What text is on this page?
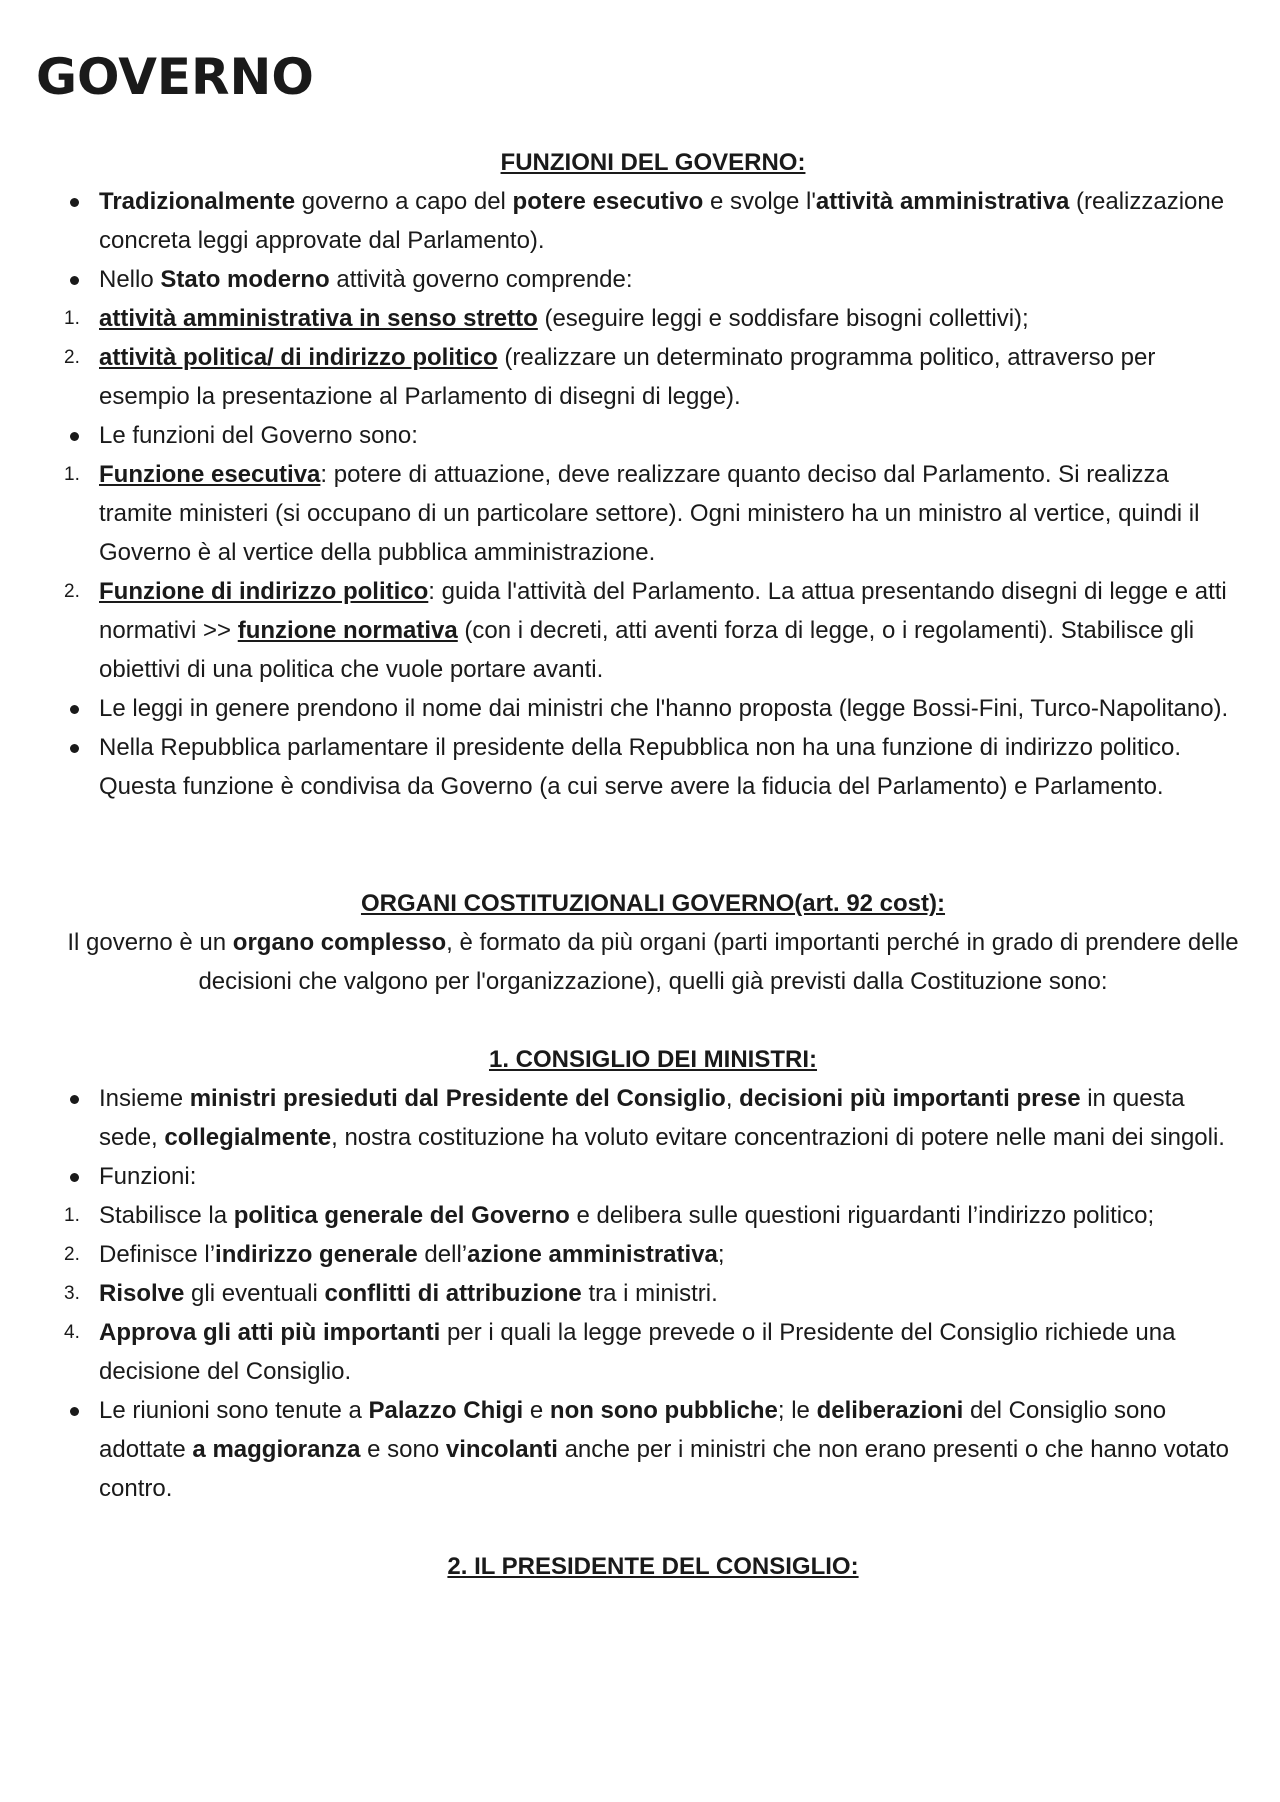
GOVERNO
FUNZIONI DEL GOVERNO:

Tradizionalmente governo a capo del potere esecutivo e svolge l'attività amministrativa (realizzazione concreta leggi approvate dal Parlamento).

Nello Stato moderno attività governo comprende:

1. attività amministrativa in senso stretto (eseguire leggi e soddisfare bisogni collettivi);

2. attività politica/ di indirizzo politico (realizzare un determinato programma politico, attraverso per esempio la presentazione al Parlamento di disegni di legge).

Le funzioni del Governo sono:

1. Funzione esecutiva: potere di attuazione, deve realizzare quanto deciso dal Parlamento. Si realizza tramite ministeri (si occupano di un particolare settore). Ogni ministero ha un ministro al vertice, quindi il Governo è al vertice della pubblica amministrazione.

2. Funzione di indirizzo politico: guida l'attività del Parlamento. La attua presentando disegni di legge e atti normativi >> funzione normativa (con i decreti, atti aventi forza di legge, o i regolamenti). Stabilisce gli obiettivi di una politica che vuole portare avanti.

Le leggi in genere prendono il nome dai ministri che l'hanno proposta (legge Bossi-Fini, Turco-Napolitano).

Nella Repubblica parlamentare il presidente della Repubblica non ha una funzione di indirizzo politico. Questa funzione è condivisa da Governo (a cui serve avere la fiducia del Parlamento) e Parlamento.

ORGANI COSTITUZIONALI GOVERNO(art. 92 cost):

Il governo è un organo complesso, è formato da più organi (parti importanti perché in grado di prendere delle decisioni che valgono per l'organizzazione), quelli già previsti dalla Costituzione sono:

1. CONSIGLIO DEI MINISTRI:

Insieme ministri presieduti dal Presidente del Consiglio, decisioni più importanti prese in questa sede, collegialmente, nostra costituzione ha voluto evitare concentrazioni di potere nelle mani dei singoli.

Funzioni:

1. Stabilisce la politica generale del Governo e delibera sulle questioni riguardanti l’indirizzo politico;

2. Definisce l’indirizzo generale dell’azione amministrativa;

3. Risolve gli eventuali conflitti di attribuzione tra i ministri.

4. Approva gli atti più importanti per i quali la legge prevede o il Presidente del Consiglio richiede una decisione del Consiglio.

Le riunioni sono tenute a Palazzo Chigi e non sono pubbliche; le deliberazioni del Consiglio sono adottate a maggioranza e sono vincolanti anche per i ministri che non erano presenti o che hanno votato contro.

2. IL PRESIDENTE DEL CONSIGLIO:
